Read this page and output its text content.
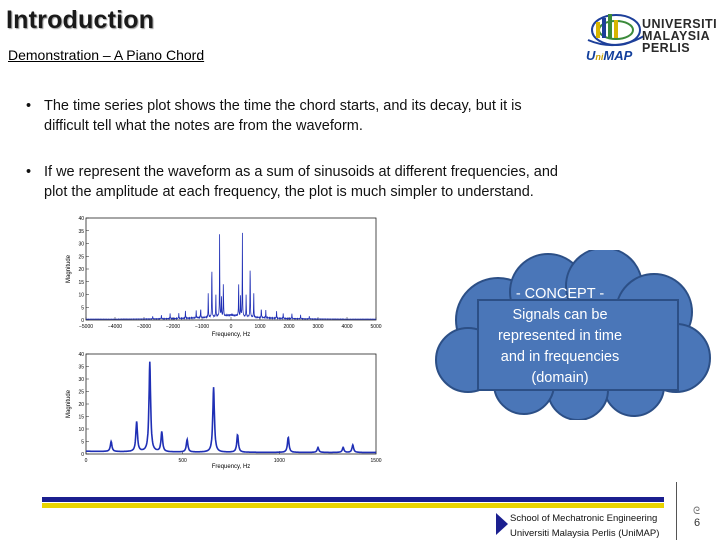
Introduction
Demonstration – A Piano Chord
UNIVERSITI
MALAYSIA
PERLIS
UniMAP
• The time series plot shows the time the chord starts, and its decay, but it is
difficult tell what the notes are from the waveform.
• If we represent the waveform as a sum of sinusoids at different frequencies, and
plot the amplitude at each frequency, the plot is much simpler to understand.
Magnitude
Frequency, Hz
0
5
10
15
20
25
30
35
40
−5000	−4000	−3000	−2000	−1000	0	1000	2000	3000	4000	5000
Magnitude
Frequency, Hz
0
5
10
15
20
25
30
35
40
0	500	1000	1500
- CONCEPT -
Signals can be
represented in time
and in frequencies
(domain)
School of Mechatronic Engineering
Universiti Malaysia Perlis (UniMAP)
ᘓ
6
